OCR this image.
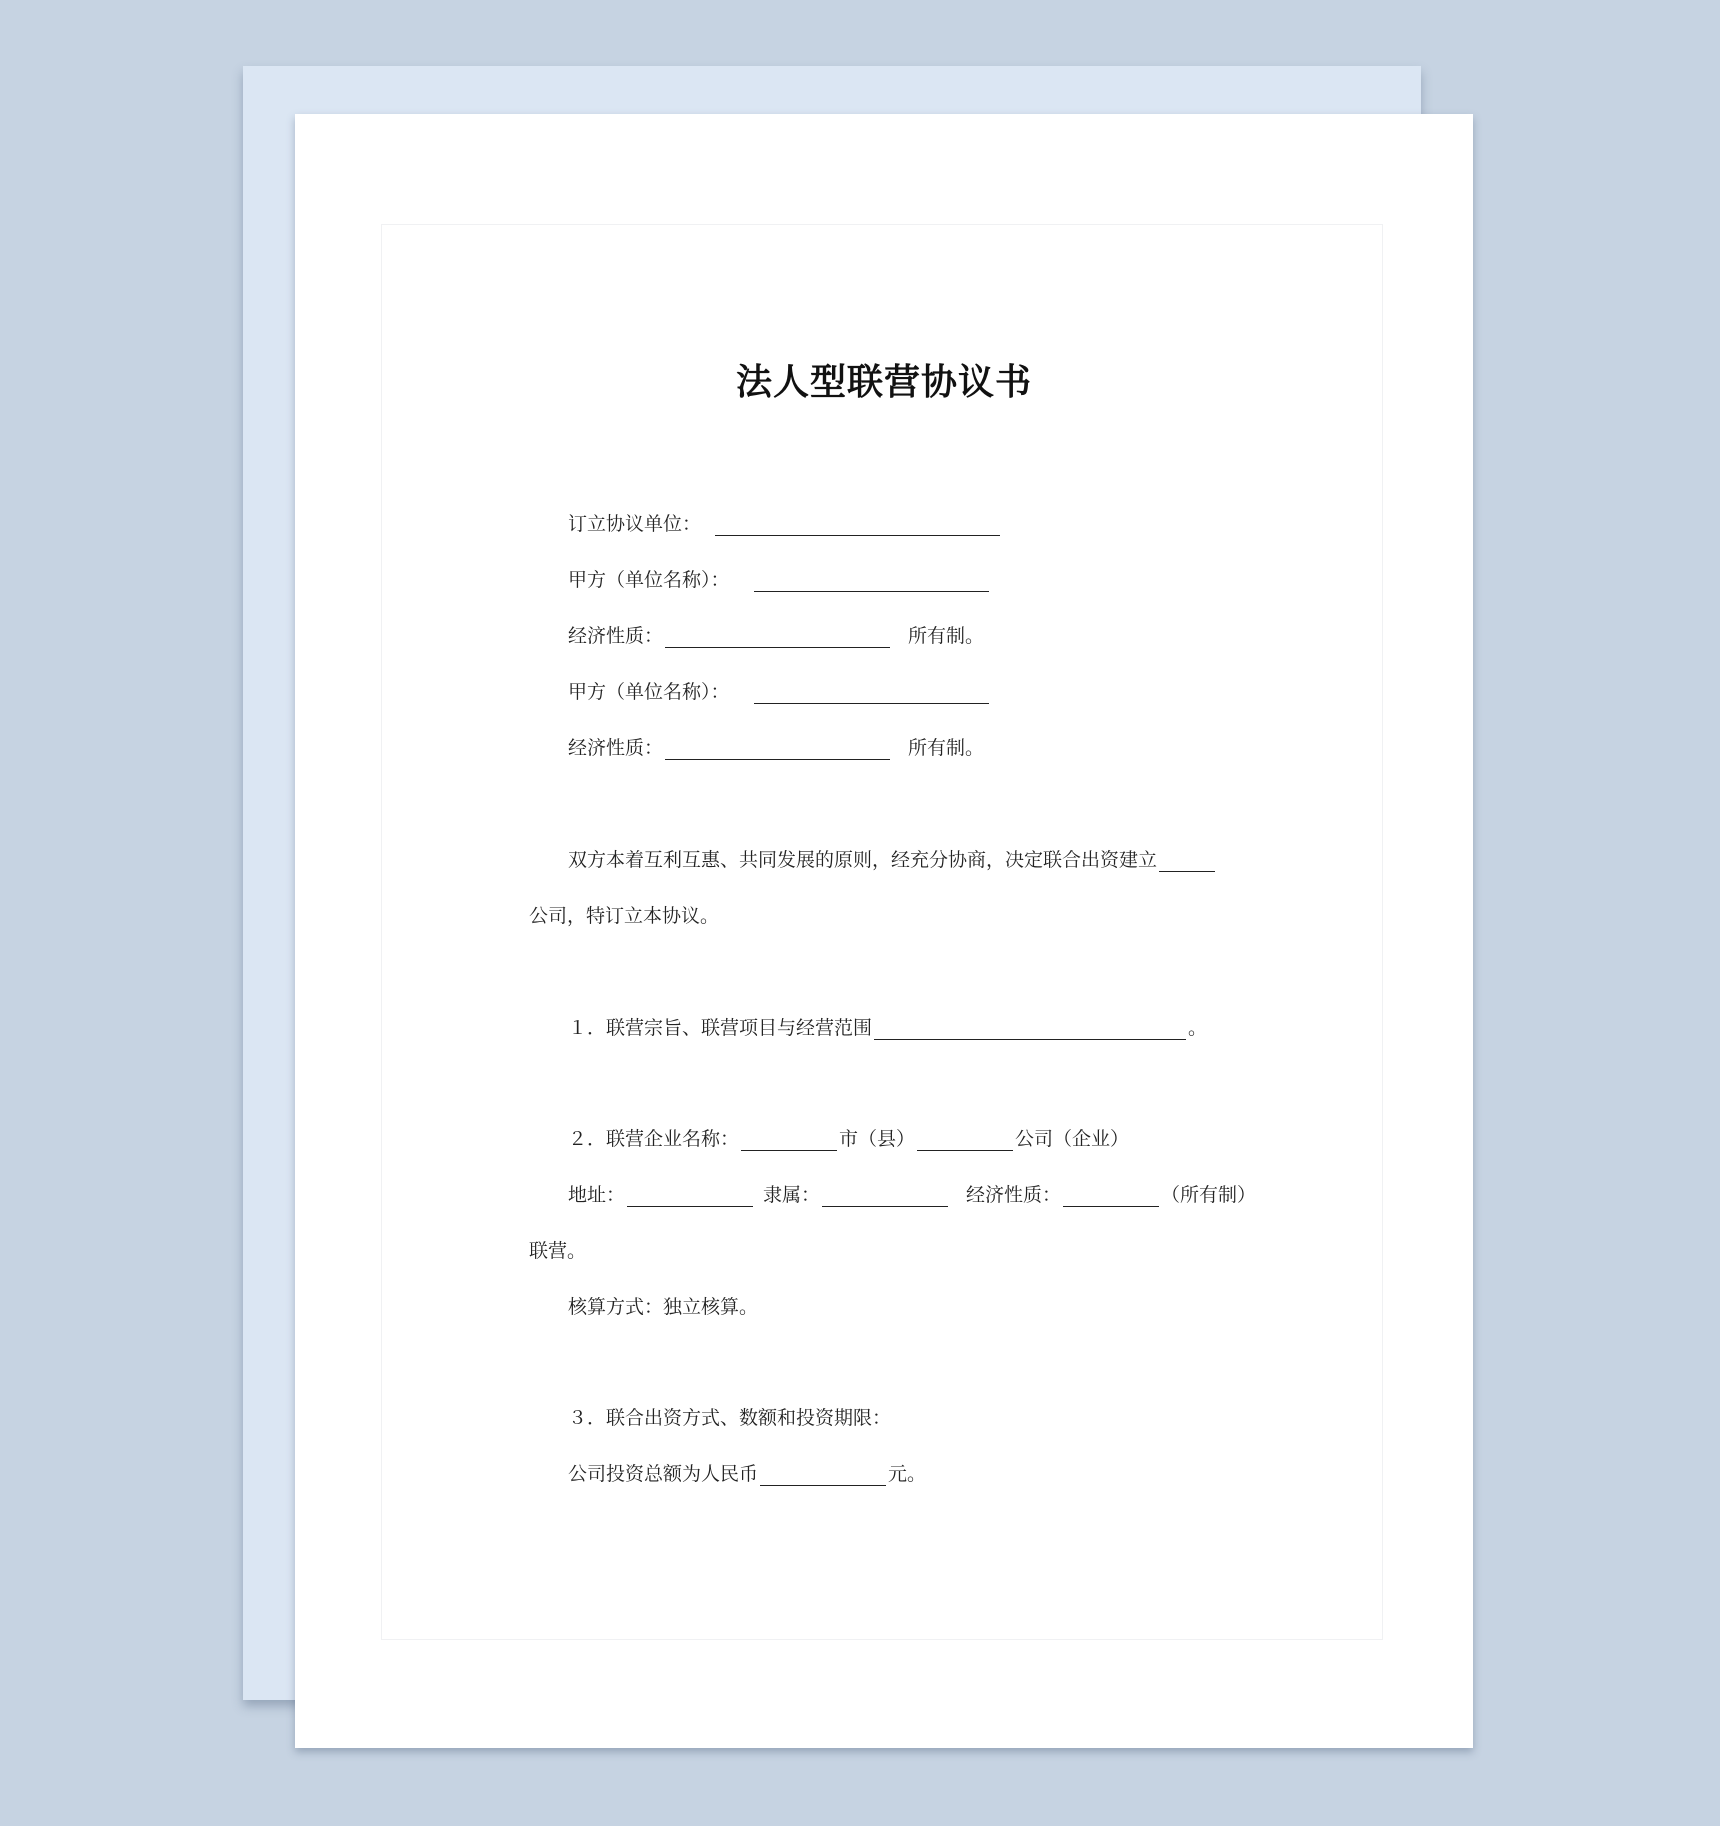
法人型联营协议书
订立协议单位：
甲方（单位名称）：
经济性质：	所有制。
甲方（单位名称）：
经济性质：	所有制。
双方本着互利互惠、共同发展的原则，经充分协商，决定联合出资建立
公司，特订立本协议。
１．联营宗旨、联营项目与经营范围	。
２．联营企业名称：	市（县）	公司（企业）
地址：	隶属：	经济性质：	（所有制）
联营。
核算方式：独立核算。
３．联合出资方式、数额和投资期限：
公司投资总额为人民币	元。
